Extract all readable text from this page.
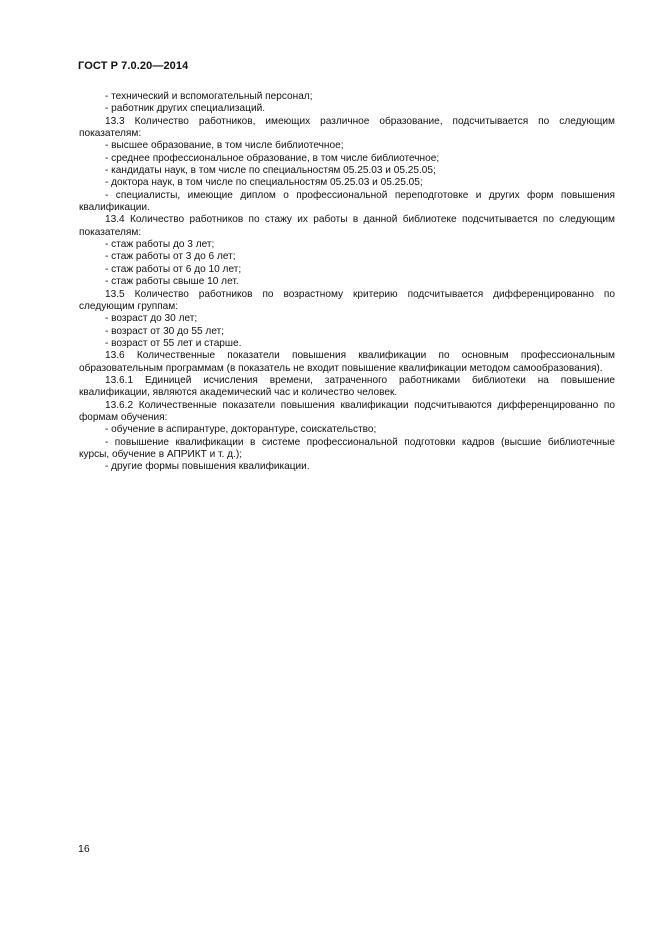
ГОСТ Р 7.0.20—2014

- технический и вспомогательный персонал;

- работник других специализаций.

13.3 Количество работников, имеющих различное образование, подсчитывается по следующим показателям:

- высшее образование, в том числе библиотечное;

- среднее профессиональное образование, в том числе библиотечное;

- кандидаты наук, в том числе по специальностям 05.25.03 и 05.25.05;

- доктора наук, в том числе по специальностям 05.25.03 и 05.25.05;

- специалисты, имеющие диплом о профессиональной переподготовке и других форм повышения квалификации.

13.4 Количество работников по стажу их работы в данной библиотеке подсчитывается по следующим показателям:

- стаж работы до 3 лет;

- стаж работы от 3 до 6 лет;

- стаж работы от 6 до 10 лет;

- стаж работы свыше 10 лет.

13.5 Количество работников по возрастному критерию подсчитывается дифференцированно по следующим группам:

- возраст до 30 лет;

- возраст от 30 до 55 лет;

- возраст от 55 лет и старше.

13.6 Количественные показатели повышения квалификации по основным профессиональным образовательным программам (в показатель не входит повышение квалификации методом самообразования).

13.6.1 Единицей исчисления времени, затраченного работниками библиотеки на повышение квалификации, являются академический час и количество человек.

13.6.2 Количественные показатели повышения квалификации подсчитываются дифференцированно по формам обучения:

- обучение в аспирантуре, докторантуре, соискательство;

- повышение квалификации в системе профессиональной подготовки кадров (высшие библиотечные курсы, обучение в АПРИКТ и т. д.);

- другие формы повышения квалификации.

16
